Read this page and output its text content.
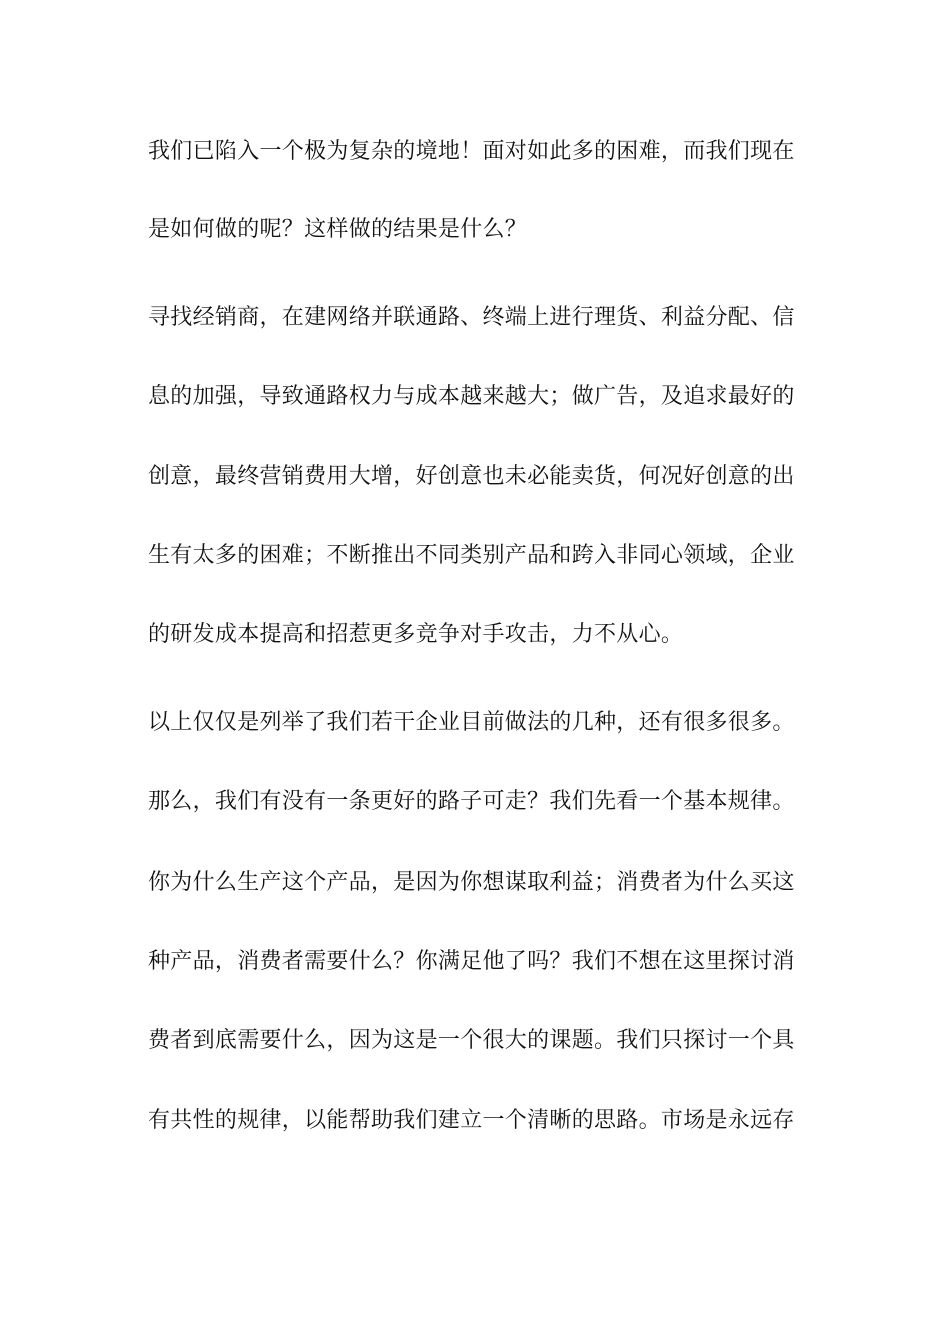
我们已陷入一个极为复杂的境地！面对如此多的困难，而我们现在
是如何做的呢？这样做的结果是什么？
寻找经销商，在建网络并联通路、终端上进行理货、利益分配、信
息的加强，导致通路权力与成本越来越大；做广告，及追求最好的
创意，最终营销费用大增，好创意也未必能卖货，何况好创意的出
生有太多的困难；不断推出不同类别产品和跨入非同心领域，企业
的研发成本提高和招惹更多竞争对手攻击，力不从心。
以上仅仅是列举了我们若干企业目前做法的几种，还有很多很多。
那么，我们有没有一条更好的路子可走？我们先看一个基本规律。
你为什么生产这个产品，是因为你想谋取利益；消费者为什么买这
种产品，消费者需要什么？你满足他了吗？我们不想在这里探讨消
费者到底需要什么，因为这是一个很大的课题。我们只探讨一个具
有共性的规律，以能帮助我们建立一个清晰的思路。市场是永远存
